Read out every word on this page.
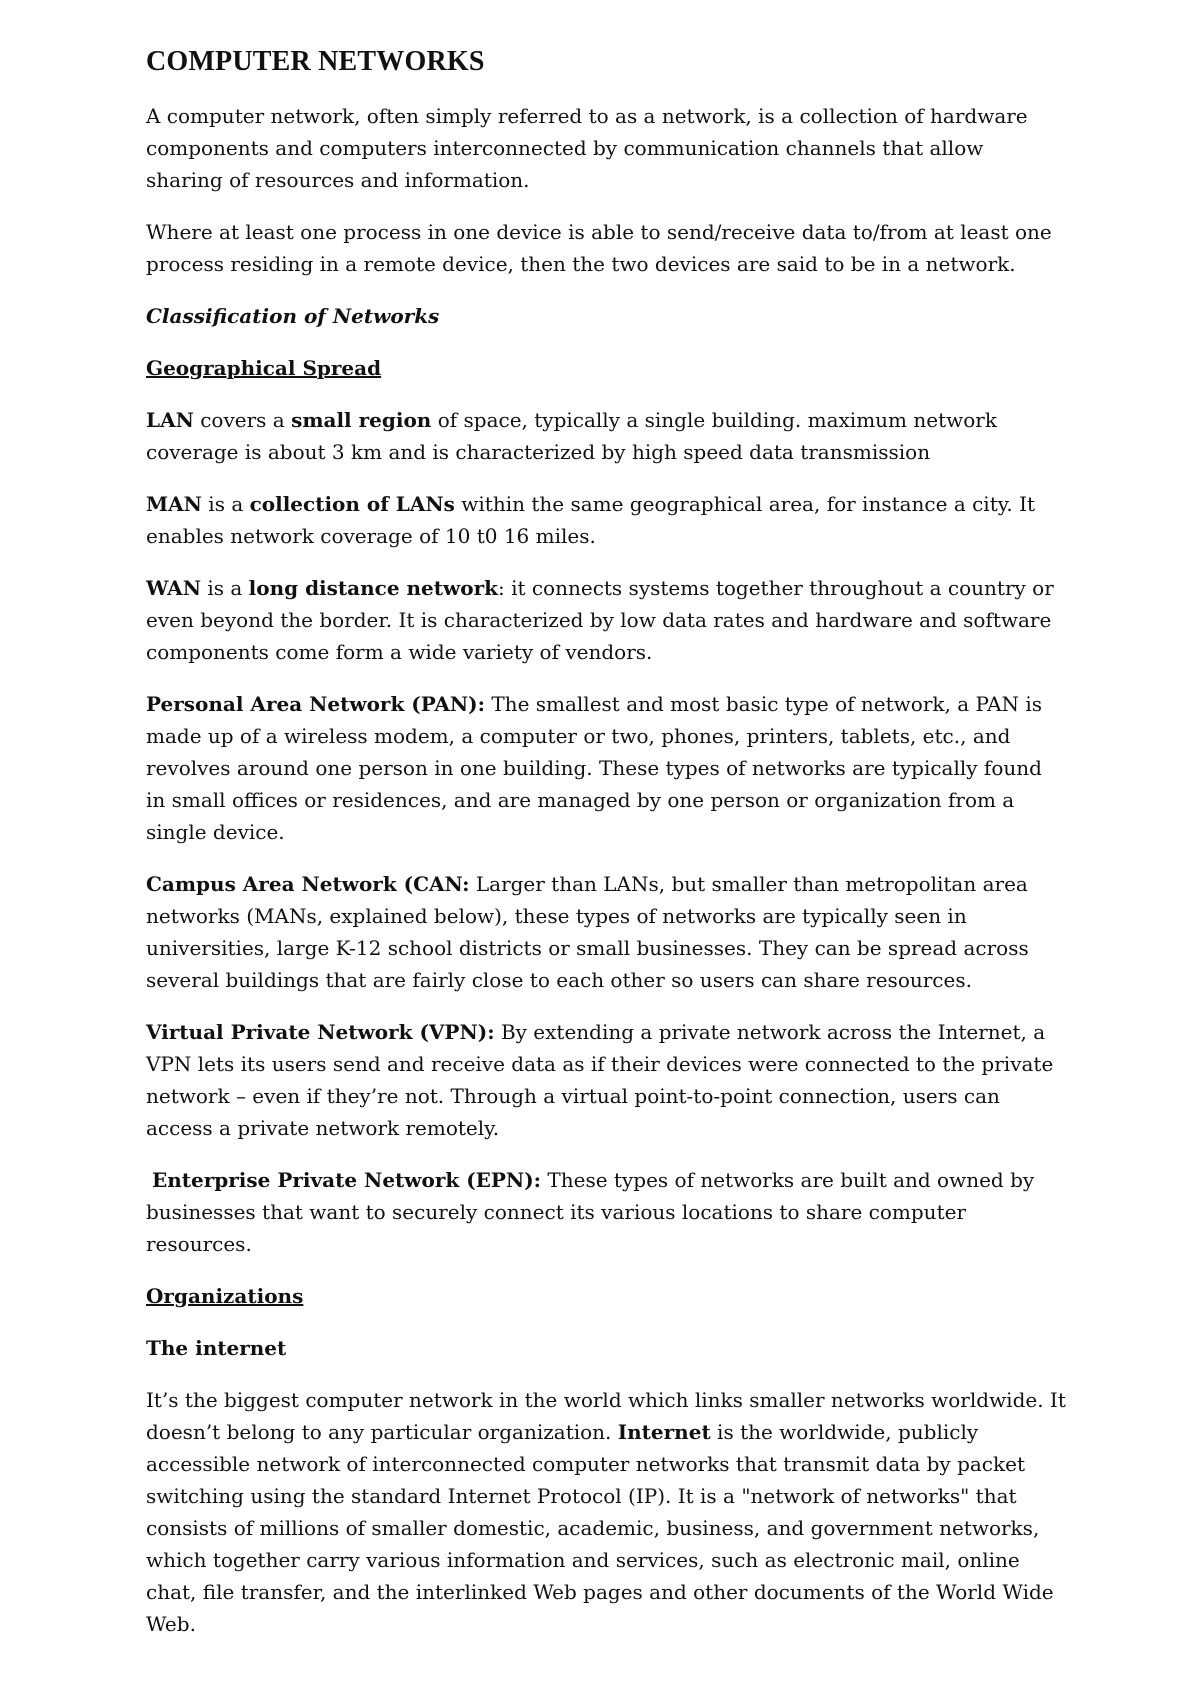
COMPUTER NETWORKS

A computer network, often simply referred to as a network, is a collection of hardware components and computers interconnected by communication channels that allow sharing of resources and information.

Where at least one process in one device is able to send/receive data to/from at least one process residing in a remote device, then the two devices are said to be in a network.

Classification of Networks

Geographical Spread

LAN covers a small region of space, typically a single building. maximum network coverage is about 3 km and is characterized by high speed data transmission

MAN is a collection of LANs within the same geographical area, for instance a city. It enables network coverage of 10 t0 16 miles.

WAN is a long distance network: it connects systems together throughout a country or even beyond the border. It is characterized by low data rates and hardware and software components come form a wide variety of vendors.

Personal Area Network (PAN): The smallest and most basic type of network, a PAN is made up of a wireless modem, a computer or two, phones, printers, tablets, etc., and revolves around one person in one building. These types of networks are typically found in small offices or residences, and are managed by one person or organization from a single device.

Campus Area Network (CAN: Larger than LANs, but smaller than metropolitan area networks (MANs, explained below), these types of networks are typically seen in universities, large K-12 school districts or small businesses. They can be spread across several buildings that are fairly close to each other so users can share resources.

Virtual Private Network (VPN): By extending a private network across the Internet, a VPN lets its users send and receive data as if their devices were connected to the private network – even if they’re not. Through a virtual point-to-point connection, users can access a private network remotely.

Enterprise Private Network (EPN): These types of networks are built and owned by businesses that want to securely connect its various locations to share computer resources.

Organizations

The internet

It’s the biggest computer network in the world which links smaller networks worldwide. It doesn’t belong to any particular organization. Internet is the worldwide, publicly accessible network of interconnected computer networks that transmit data by packet switching using the standard Internet Protocol (IP). It is a "network of networks" that consists of millions of smaller domestic, academic, business, and government networks, which together carry various information and services, such as electronic mail, online chat, file transfer, and the interlinked Web pages and other documents of the World Wide Web.
